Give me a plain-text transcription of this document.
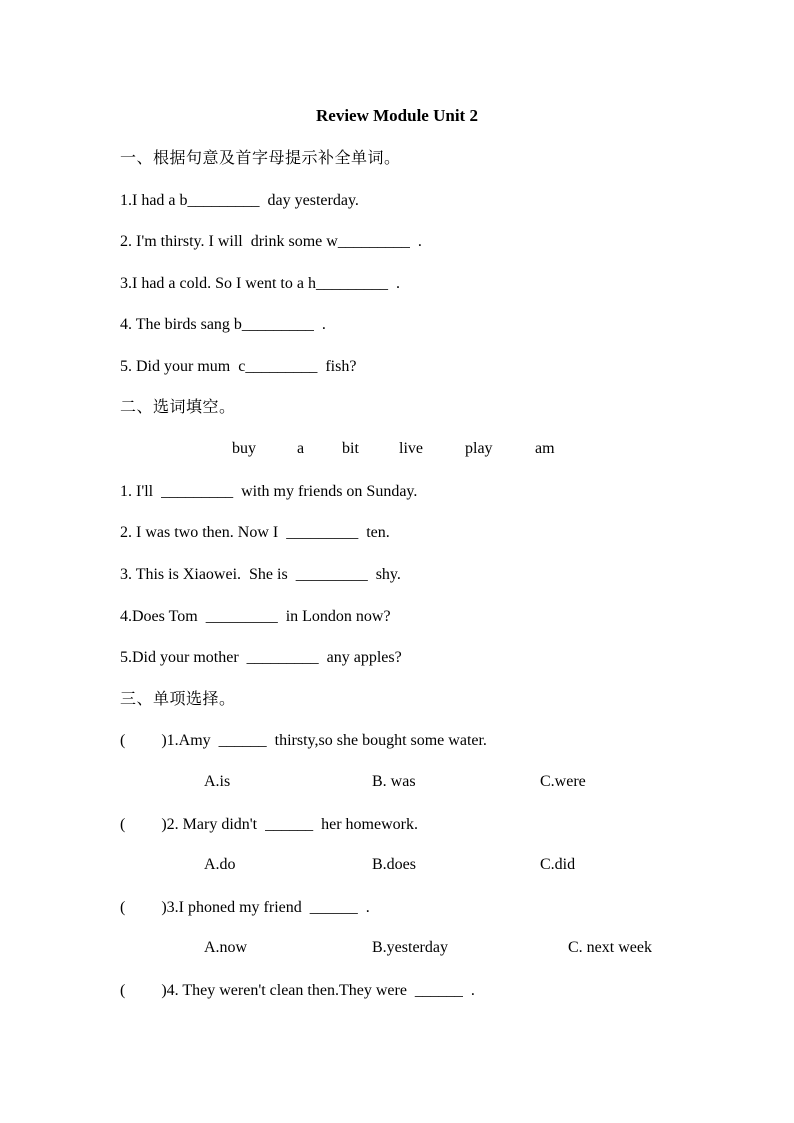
Review Module Unit 2
一、根据句意及首字母提示补全单词。
1.I had a b_________  day yesterday.
2. I'm thirsty. I will  drink some w_________  .
3.I had a cold. So I went to a h_________  .
4. The birds sang b_________  .
5. Did your mum  c_________  fish?
二、选词填空。
buy	a bit	live	play	am
1. I'll  _________  with my friends on Sunday.
2. I was two then. Now I  _________  ten.
3. This is Xiaowei.  She is  _________  shy.
4.Does Tom  _________  in London now?
5.Did your mother  _________  any apples?
三、单项选择。
(         )1.Amy  ______  thirsty,so she bought some water.
A.is	B. was	C.were
(         )2. Mary didn't  ______  her homework.
A.do	B.does	C.did
(         )3.I phoned my friend  ______  .
A.now	B.yesterday	C. next week
(         )4. They weren't clean then.They were  ______  .
